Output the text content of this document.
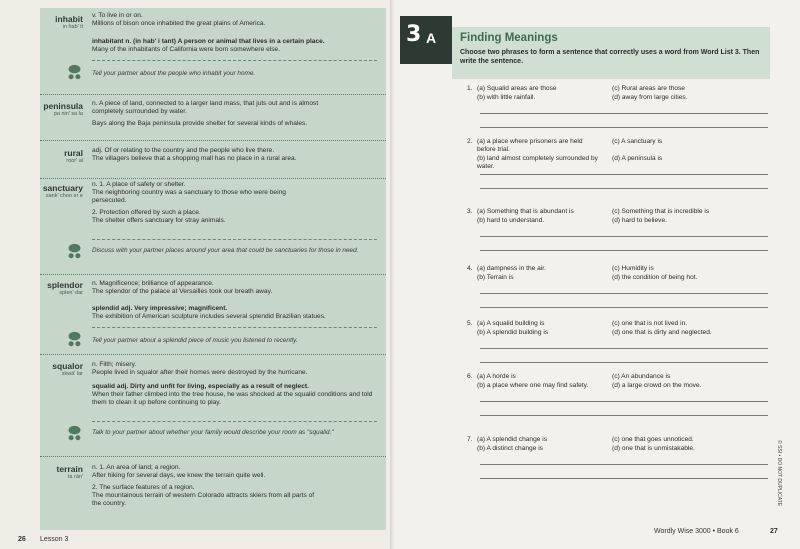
inhabit
in hab' it
v. To live in or on.
Millions of bison once inhabited the great plains of America.
inhabitant n. (in hab' i tant) A person or animal that lives in a certain place.
Many of the inhabitants of California were born somewhere else.
Tell your partner about the people who inhabit your home.
peninsula
pa nin' sa la
n. A piece of land, connected to a larger land mass, that juts out and is almost
completely surrounded by water.
Bays along the Baja peninsula provide shelter for several kinds of whales.
rural
roor' al
adj. Of or relating to the country and the people who live there.
The villagers believe that a shopping mall has no place in a rural area.
sanctuary
sank' choo er e
n. 1. A place of safety or shelter.
The neighboring country was a sanctuary to those who were being
persecuted.
2. Protection offered by such a place.
The shelter offers sanctuary for stray animals.
Discuss with your partner places around your area that could be sanctuaries for those in need.
splendor
splen' dar
n. Magnificence; brilliance of appearance.
The splendor of the palace at Versailles took our breath away.
splendid adj. Very impressive; magnificent.
The exhibition of American sculpture includes several splendid Brazilian statues.
Tell your partner about a splendid piece of music you listened to recently.
squalor
skwä' lar
n. Filth; misery.
People lived in squalor after their homes were destroyed by the hurricane.
squalid adj. Dirty and unfit for living, especially as a result of neglect.
When their father climbed into the tree house, he was shocked at the squalid conditions and told them to clean it up before continuing to play.
Talk to your partner about whether your family would describe your room as "squalid."
terrain
ta rän'
n. 1. An area of land; a region.
After hiking for several days, we knew the terrain quite well.
2. The surface features of a region.
The mountainous terrain of western Colorado attracts skiers from all parts of
the country.
26 Lesson 3
Finding Meanings
Choose two phrases to form a sentence that correctly uses a word from Word List 3. Then write the sentence.
3 A
1. (a) Squalid areas are those
(b) with little rainfall.
(c) Rural areas are those
(d) away from large cities.
2. (a) a place where prisoners are held before trial.
(b) land almost completely surrounded by water.
(c) A sanctuary is
(d) A peninsula is
3. (a) Something that is abundant is
(b) hard to understand.
(c) Something that is incredible is
(d) hard to believe.
4. (a) dampness in the air.
(b) Terrain is
(c) Humidity is
(d) the condition of being hot.
5. (a) A squalid building is
(b) A splendid building is
(c) one that is not lived in.
(d) one that is dirty and neglected.
6. (a) A horde is
(b) a place where one may find safety.
(c) An abundance is
(d) a large crowd on the move.
7. (a) A splendid change is
(b) A distinct change is
(c) one that goes unnoticed.
(d) one that is unmistakable.
Wordly Wise 3000 • Book 6	27
© SSI • DO NOT DUPLICATE
